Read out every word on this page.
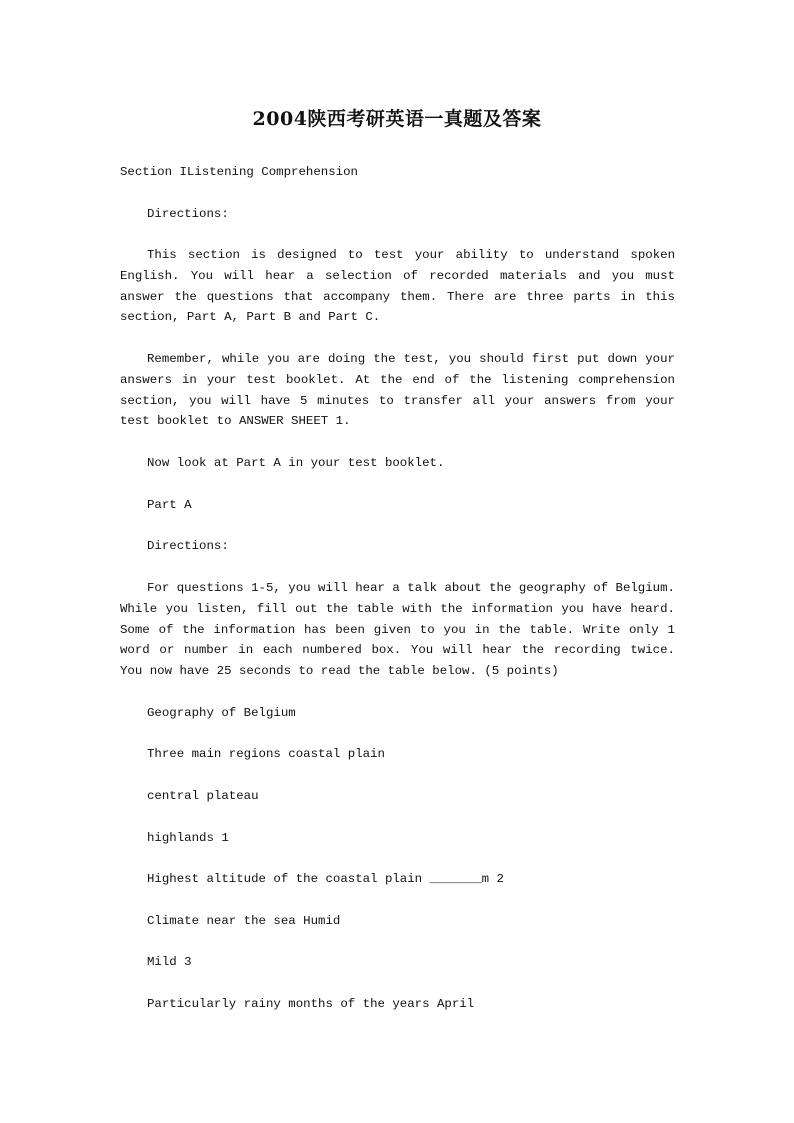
2004陕西考研英语一真题及答案
Section IListening Comprehension
Directions:
This section is designed to test your ability to understand spoken English. You will hear a selection of recorded materials and you must answer the questions that accompany them. There are three parts in this section, Part A, Part B and Part C.
Remember, while you are doing the test, you should first put down your answers in your test booklet. At the end of the listening comprehension section, you will have 5 minutes to transfer all your answers from your test booklet to ANSWER SHEET 1.
Now look at Part A in your test booklet.
Part A
Directions:
For questions 1-5, you will hear a talk about the geography of Belgium. While you listen, fill out the table with the information you have heard. Some of the information has been given to you in the table. Write only 1 word or number in each numbered box. You will hear the recording twice. You now have 25 seconds to read the table below. (5 points)
Geography of Belgium
Three main regions coastal plain
central plateau
highlands 1
Highest altitude of the coastal plain _______m 2
Climate near the sea Humid
Mild 3
Particularly rainy months of the years April
